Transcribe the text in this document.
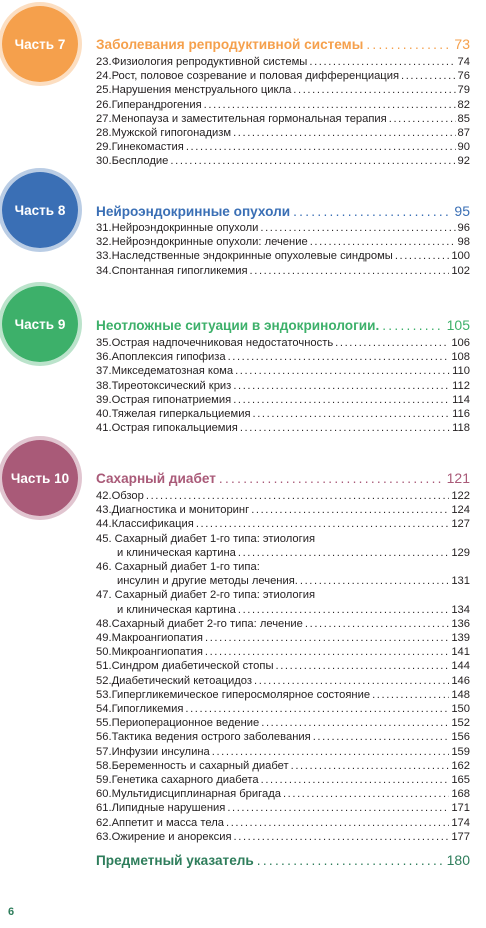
Часть 7 Заболевания репродуктивной системы .....	73
23. Физиология репродуктивной системы .....	74
24. Рост, половое созревание и половая дифференциация .....	76
25. Нарушения менструального цикла .....	79
26. Гиперандрогения .....	82
27. Менопауза и заместительная гормональная терапия .....	85
28. Мужской гипогонадизм .....	87
29. Гинекомастия .....	90
30. Бесплодие .....	92
Часть 8 Нейроэндокринные опухоли .....	95
31. Нейроэндокринные опухоли .....	96
32. Нейроэндокринные опухоли: лечение .....	98
33. Наследственные эндокринные опухолевые синдромы .....	100
34. Спонтанная гипогликемия .....	102
Часть 9 Неотложные ситуации в эндокринологии. .....	105
35. Острая надпочечниковая недостаточность .....	106
36. Апоплексия гипофиза .....	108
37. Микседематозная кома .....	110
38. Тиреотоксический криз .....	112
39. Острая гипонатриемия .....	114
40. Тяжелая гиперкальциемия .....	116
41. Острая гипокальциемия .....	118
Часть 10 Сахарный диабет .....	121
42. Обзор .....	122
43. Диагностика и мониторинг .....	124
44. Классификация .....	127
45. Сахарный диабет 1-го типа: этиология
и клиническая картина .....	129
46. Сахарный диабет 1-го типа:
инсулин и другие методы лечения. .....	131
47. Сахарный диабет 2-го типа: этиология
и клиническая картина .....	134
48. Сахарный диабет 2-го типа: лечение .....	136
49. Макроангиопатия .....	139
50. Микроангиопатия .....	141
51. Синдром диабетической стопы .....	144
52. Диабетический кетоацидоз .....	146
53. Гипергликемическое гиперосмолярное состояние .....	148
54. Гипогликемия .....	150
55. Периоперационное ведение .....	152
56. Тактика ведения острого заболевания .....	156
57. Инфузии инсулина .....	159
58. Беременность и сахарный диабет .....	162
59. Генетика сахарного диабета .....	165
60. Мультидисциплинарная бригада .....	168
61. Липидные нарушения .....	171
62. Аппетит и масса тела .....	174
63. Ожирение и анорексия .....	177
Предметный указатель .....	180
6
